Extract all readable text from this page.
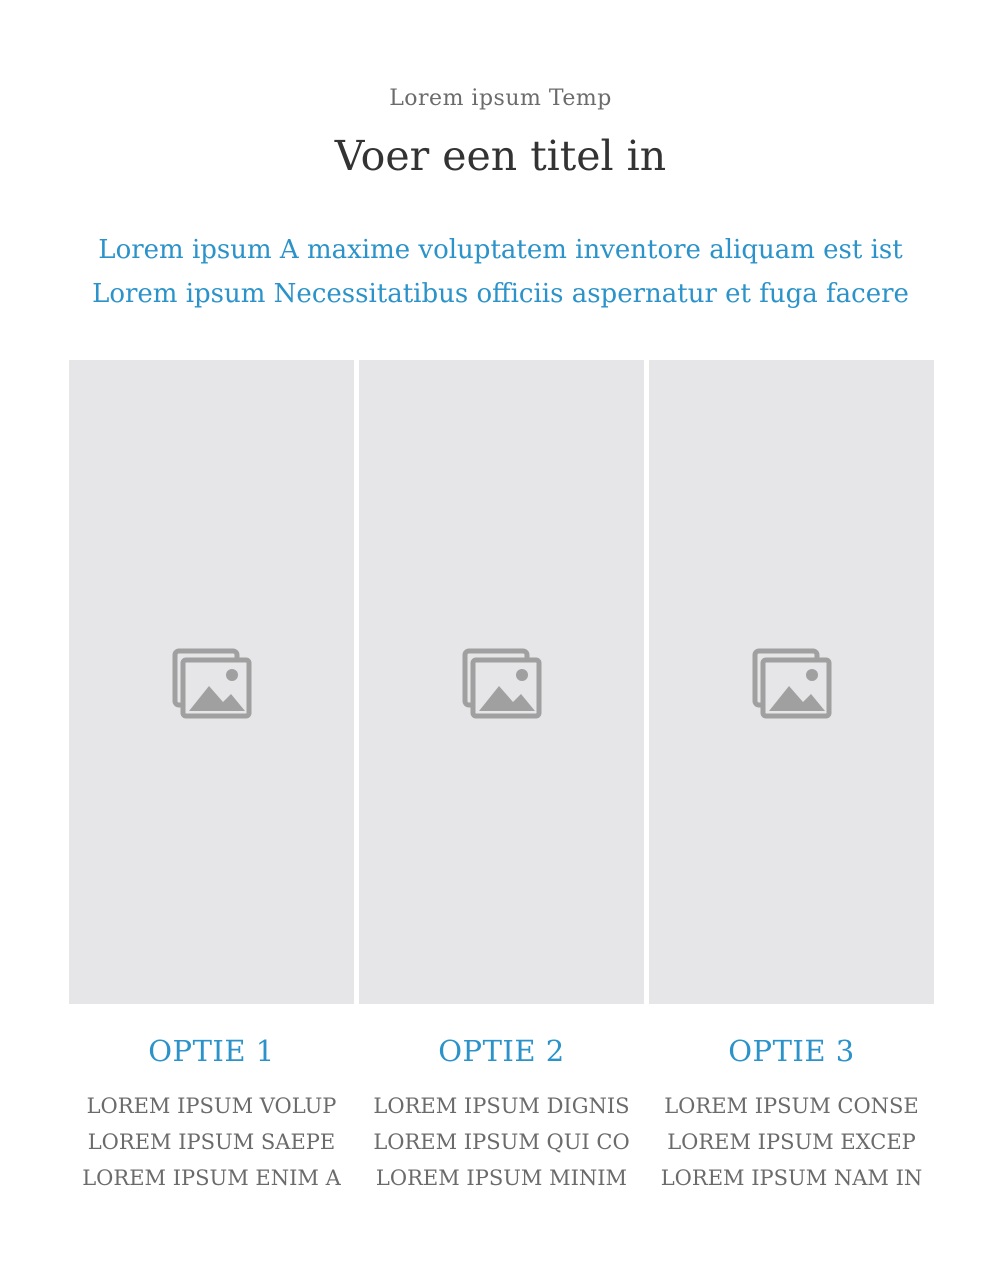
Lorem ipsum Temp
Voer een titel in
Lorem ipsum A maxime voluptatem inventore aliquam est ist
Lorem ipsum Necessitatibus officiis aspernatur et fuga facere
OPTIE 1
LOREM IPSUM VOLUP
LOREM IPSUM SAEPE
LOREM IPSUM ENIM A
OPTIE 2
LOREM IPSUM DIGNIS
LOREM IPSUM QUI CO
LOREM IPSUM MINIM
OPTIE 3
LOREM IPSUM CONSE
LOREM IPSUM EXCEP
LOREM IPSUM NAM IN
